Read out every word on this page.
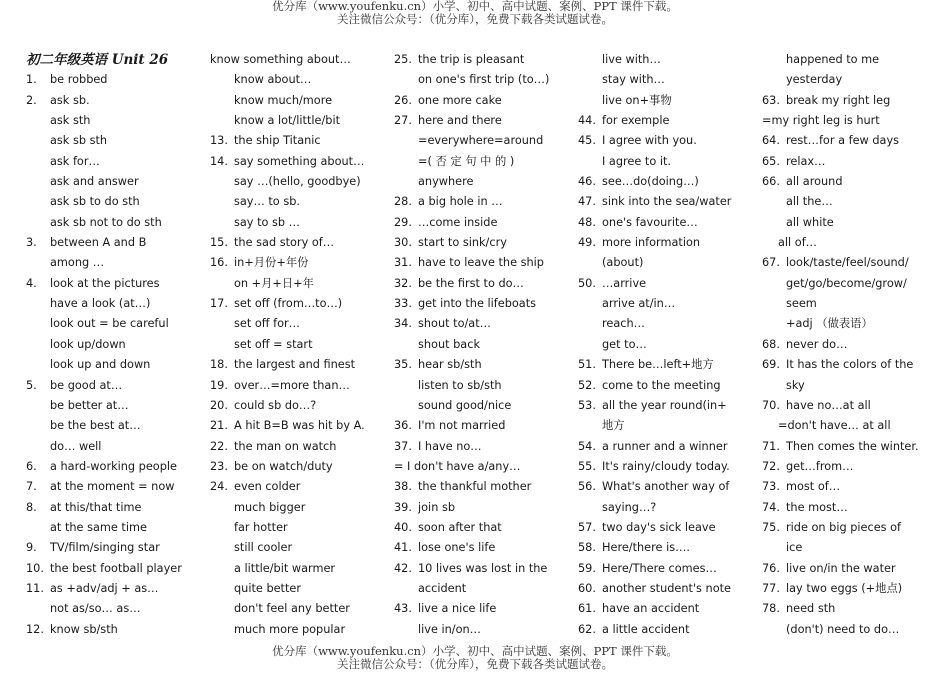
优分库（www.youfenku.cn）小学、初中、高中试题、案例、PPT 课件下载。
关注微信公众号：（优分库），免费下载各类试题试卷。
初二年级英语 Unit 26
1.	be robbed
2.	ask sb.
ask sth
ask sb sth
ask for…
ask and answer
ask sb to do sth
ask sb not to do sth
3.	between A and B
among …
4.	look at the pictures
have a look (at…)
look out = be careful
look up/down
look up and down
5.	be good at…
be better at…
be the best at…
do… well
6.	a hard-working people
7.	at the moment = now
8.	at this/that time
at the same time
9.	TV/film/singing star
10. the best football player
11. as +adv/adj + as…
not as/so… as…
12. know sb/sth
know something about…
know about…
know much/more
know a lot/little/bit
13. the ship Titanic
14. say something about…
say …(hello, goodbye)
say… to sb.
say to sb …
15. the sad story of…
16. in+月份+年份
on +月+日+年
17. set off (from…to…)
set off for…
set off = start
18. the largest and finest
19. over…=more than…
20. could sb do…?
21. A hit B=B was hit by A.
22. the man on watch
23. be on watch/duty
24. even colder
much bigger
far hotter
still cooler
a little/bit warmer
quite better
don't feel any better
much more popular
25. the trip is pleasant
on one's first trip (to…)
26. one more cake
27. here and there
=everywhere=around
=( 否 定 句 中 的 )
anywhere
28. a big hole in …
29. …come inside
30. start to sink/cry
31. have to leave the ship
32. be the first to do…
33. get into the lifeboats
34. shout to/at…
shout back
35. hear sb/sth
listen to sb/sth
sound good/nice
36. I'm not married
37. I have no…
= I don't have a/any…
38. the thankful mother
39. join sb
40. soon after that
41. lose one's life
42. 10 lives was lost in the
accident
43. live a nice life
live in/on…
live with…
stay with…
live on+事物
44. for exemple
45. I agree with you.
I agree to it.
46. see…do(doing…)
47. sink into the sea/water
48. one's favourite…
49. more information
(about)
50. …arrive
arrive at/in…
reach…
get to…
51. There be…left+地方
52. come to the meeting
53. all the year round(in+
地方
54. a runner and a winner
55. It's rainy/cloudy today.
56. What's another way of
saying…?
57. two day's sick leave
58. Here/there is….
59. Here/There comes…
60. another student's note
61. have an accident
62. a little accident
happened to me
yesterday
63. break my right leg
=my right leg is hurt
64. rest…for a few days
65. relax…
66. all around
all the…
all white
all of…
67. look/taste/feel/sound/
get/go/become/grow/
seem
+adj （做表语）
68. never do…
69. It has the colors of the
sky
70. have no…at all
=don't have… at all
71. Then comes the winter.
72. get…from…
73. most of…
74. the most…
75. ride on big pieces of
ice
76. live on/in the water
77. lay two eggs (+地点)
78. need sth
(don't) need to do…
优分库（www.youfenku.cn）小学、初中、高中试题、案例、PPT 课件下载。
关注微信公众号：（优分库），免费下载各类试题试卷。
